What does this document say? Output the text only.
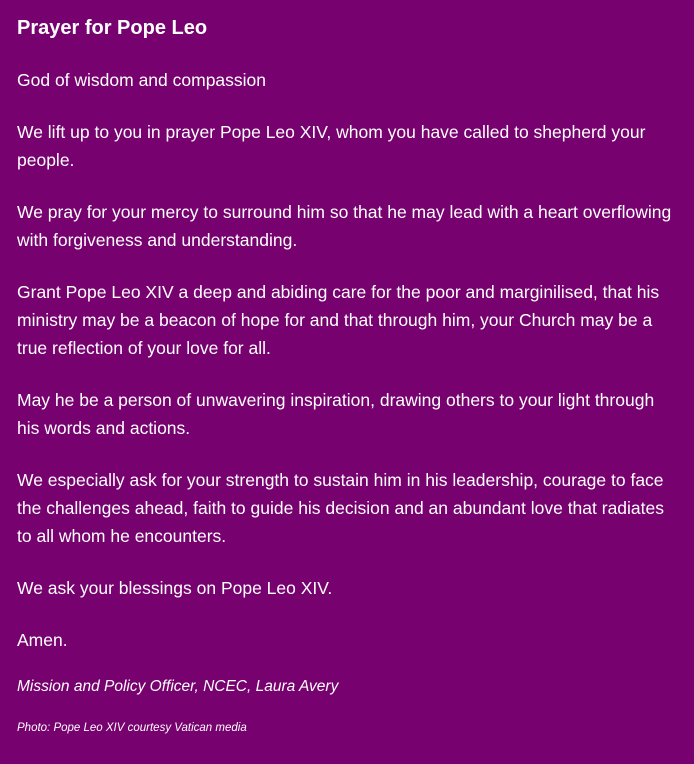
Prayer for Pope Leo

God of wisdom and compassion

We lift up to you in prayer Pope Leo XIV, whom you have called to shepherd your people.

We pray for your mercy to surround him so that he may lead with a heart overflowing with forgiveness and understanding.

Grant Pope Leo XIV a deep and abiding care for the poor and marginilised, that his ministry may be a beacon of hope for and that through him, your Church may be a true reflection of your love for all.

May he be a person of unwavering inspiration, drawing others to your light through his words and actions.

We especially ask for your strength to sustain him in his leadership, courage to face the challenges ahead, faith to guide his decision and an abundant love that radiates to all whom he encounters.

We ask your blessings on Pope Leo XIV.

Amen.

Mission and Policy Officer, NCEC, Laura Avery

Photo: Pope Leo XIV courtesy Vatican media
